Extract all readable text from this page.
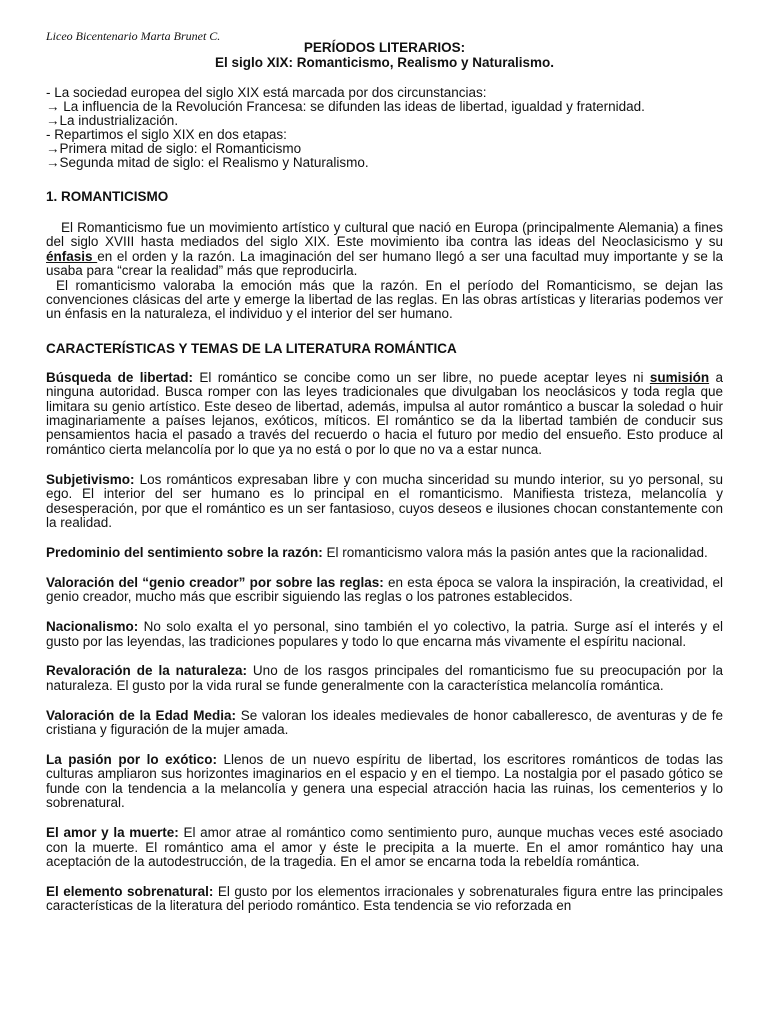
Liceo Bicentenario Marta Brunet C.
PERÍODOS LITERARIOS:
El siglo XIX: Romanticismo, Realismo y Naturalismo.
- La sociedad europea del siglo XIX está marcada por dos circunstancias:
→ La influencia de la Revolución Francesa: se difunden las ideas de libertad, igualdad y fraternidad.
→La industrialización.
- Repartimos el siglo XIX en dos etapas:
→Primera mitad de siglo: el Romanticismo
→Segunda mitad de siglo: el Realismo y Naturalismo.
1. ROMANTICISMO

El Romanticismo fue un movimiento artístico y cultural que nació en Europa (principalmente Alemania) a fines del siglo XVIII hasta mediados del siglo XIX. Este movimiento iba contra las ideas del Neoclasicismo y su énfasis en el orden y la razón. La imaginación del ser humano llegó a ser una facultad muy importante y se la usaba para “crear la realidad” más que reproducirla.

El romanticismo valoraba la emoción más que la razón. En el período del Romanticismo, se dejan las convenciones clásicas del arte y emerge la libertad de las reglas. En las obras artísticas y literarias podemos ver un énfasis en la naturaleza, el individuo y el interior del ser humano.

CARACTERÍSTICAS Y TEMAS DE LA LITERATURA ROMÁNTICA

Búsqueda de libertad: El romántico se concibe como un ser libre, no puede aceptar leyes ni sumisión a ninguna autoridad. Busca romper con las leyes tradicionales que divulgaban los neoclásicos y toda regla que limitara su genio artístico. Este deseo de libertad, además, impulsa al autor romántico a buscar la soledad o huir imaginariamente a países lejanos, exóticos, míticos. El romántico se da la libertad también de conducir sus pensamientos hacia el pasado a través del recuerdo o hacia el futuro por medio del ensueño. Esto produce al romántico cierta melancolía por lo que ya no está o por lo que no va a estar nunca.

Subjetivismo: Los románticos expresaban libre y con mucha sinceridad su mundo interior, su yo personal, su ego. El interior del ser humano es lo principal en el romanticismo. Manifiesta tristeza, melancolía y desesperación, por que el romántico es un ser fantasioso, cuyos deseos e ilusiones chocan constantemente con la realidad.

Predominio del sentimiento sobre la razón: El romanticismo valora más la pasión antes que la racionalidad.

Valoración del “genio creador” por sobre las reglas: en esta época se valora la inspiración, la creatividad, el genio creador, mucho más que escribir siguiendo las reglas o los patrones establecidos.

Nacionalismo: No solo exalta el yo personal, sino también el yo colectivo, la patria. Surge así el interés y el gusto por las leyendas, las tradiciones populares y todo lo que encarna más vivamente el espíritu nacional.

Revaloración de la naturaleza: Uno de los rasgos principales del romanticismo fue su preocupación por la naturaleza. El gusto por la vida rural se funde generalmente con la característica melancolía romántica.

Valoración de la Edad Media: Se valoran los ideales medievales de honor caballeresco, de aventuras y de fe cristiana y figuración de la mujer amada.

La pasión por lo exótico: Llenos de un nuevo espíritu de libertad, los escritores románticos de todas las culturas ampliaron sus horizontes imaginarios en el espacio y en el tiempo. La nostalgia por el pasado gótico se funde con la tendencia a la melancolía y genera una especial atracción hacia las ruinas, los cementerios y lo sobrenatural.

El amor y la muerte: El amor atrae al romántico como sentimiento puro, aunque muchas veces esté asociado con la muerte. El romántico ama el amor y éste le precipita a la muerte. En el amor romántico hay una aceptación de la autodestrucción, de la tragedia. En el amor se encarna toda la rebeldía romántica.

El elemento sobrenatural: El gusto por los elementos irracionales y sobrenaturales figura entre las principales características de la literatura del periodo romántico. Esta tendencia se vio reforzada en
